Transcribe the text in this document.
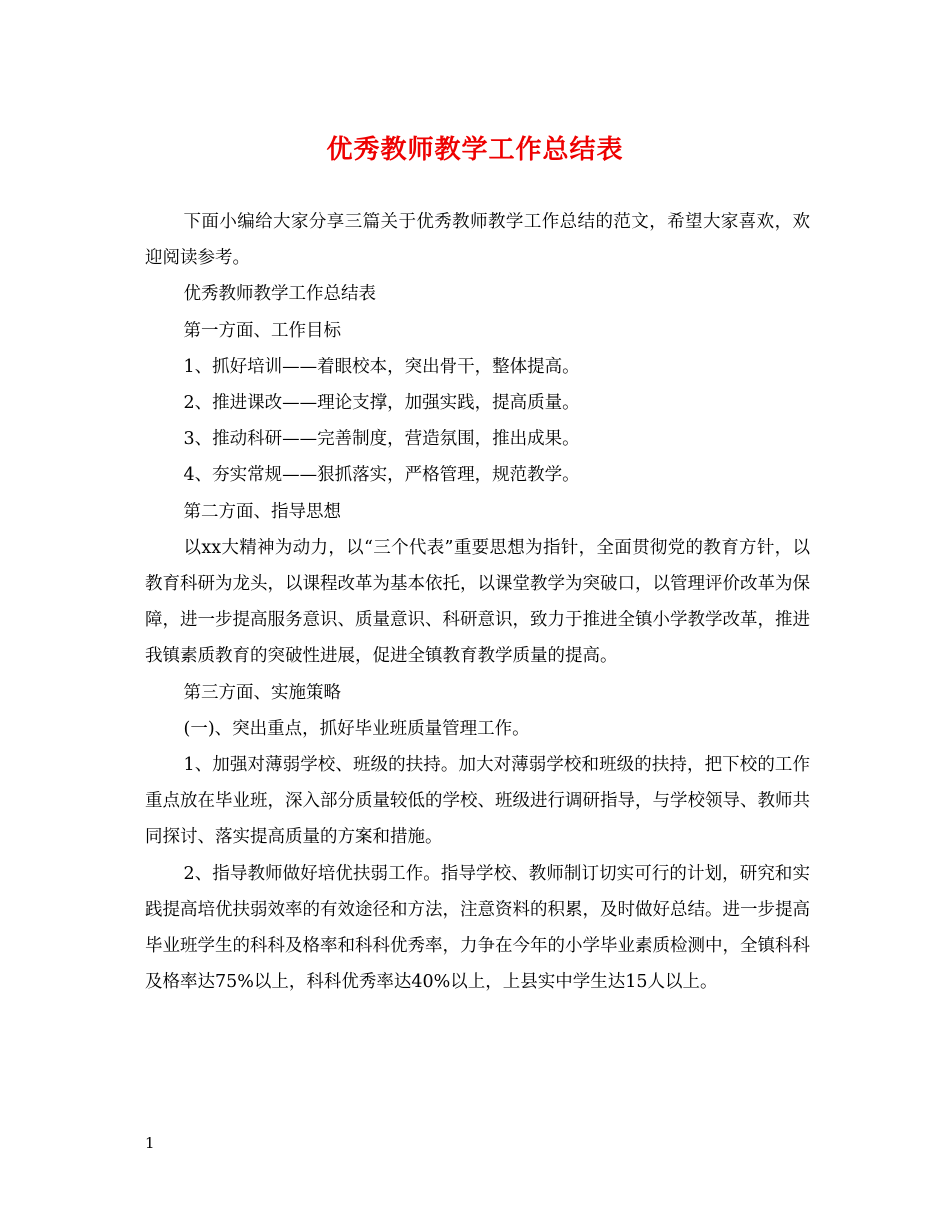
优秀教师教学工作总结表

下面小编给大家分享三篇关于优秀教师教学工作总结的范文，希望大家喜欢，欢迎阅读参考。

优秀教师教学工作总结表

第一方面、工作目标

1、抓好培训——着眼校本，突出骨干，整体提高。

2、推进课改——理论支撑，加强实践，提高质量。

3、推动科研——完善制度，营造氛围，推出成果。

4、夯实常规——狠抓落实，严格管理，规范教学。

第二方面、指导思想

以xx大精神为动力，以“三个代表”重要思想为指针，全面贯彻党的教育方针，以教育科研为龙头，以课程改革为基本依托，以课堂教学为突破口，以管理评价改革为保障，进一步提高服务意识、质量意识、科研意识，致力于推进全镇小学教学改革，推进我镇素质教育的突破性进展，促进全镇教育教学质量的提高。

第三方面、实施策略

(一)、突出重点，抓好毕业班质量管理工作。

1、加强对薄弱学校、班级的扶持。加大对薄弱学校和班级的扶持，把下校的工作重点放在毕业班，深入部分质量较低的学校、班级进行调研指导，与学校领导、教师共同探讨、落实提高质量的方案和措施。

2、指导教师做好培优扶弱工作。指导学校、教师制订切实可行的计划，研究和实践提高培优扶弱效率的有效途径和方法，注意资料的积累，及时做好总结。进一步提高毕业班学生的科科及格率和科科优秀率，力争在今年的小学毕业素质检测中，全镇科科及格率达75%以上，科科优秀率达40%以上，上县实中学生达15人以上。

1
